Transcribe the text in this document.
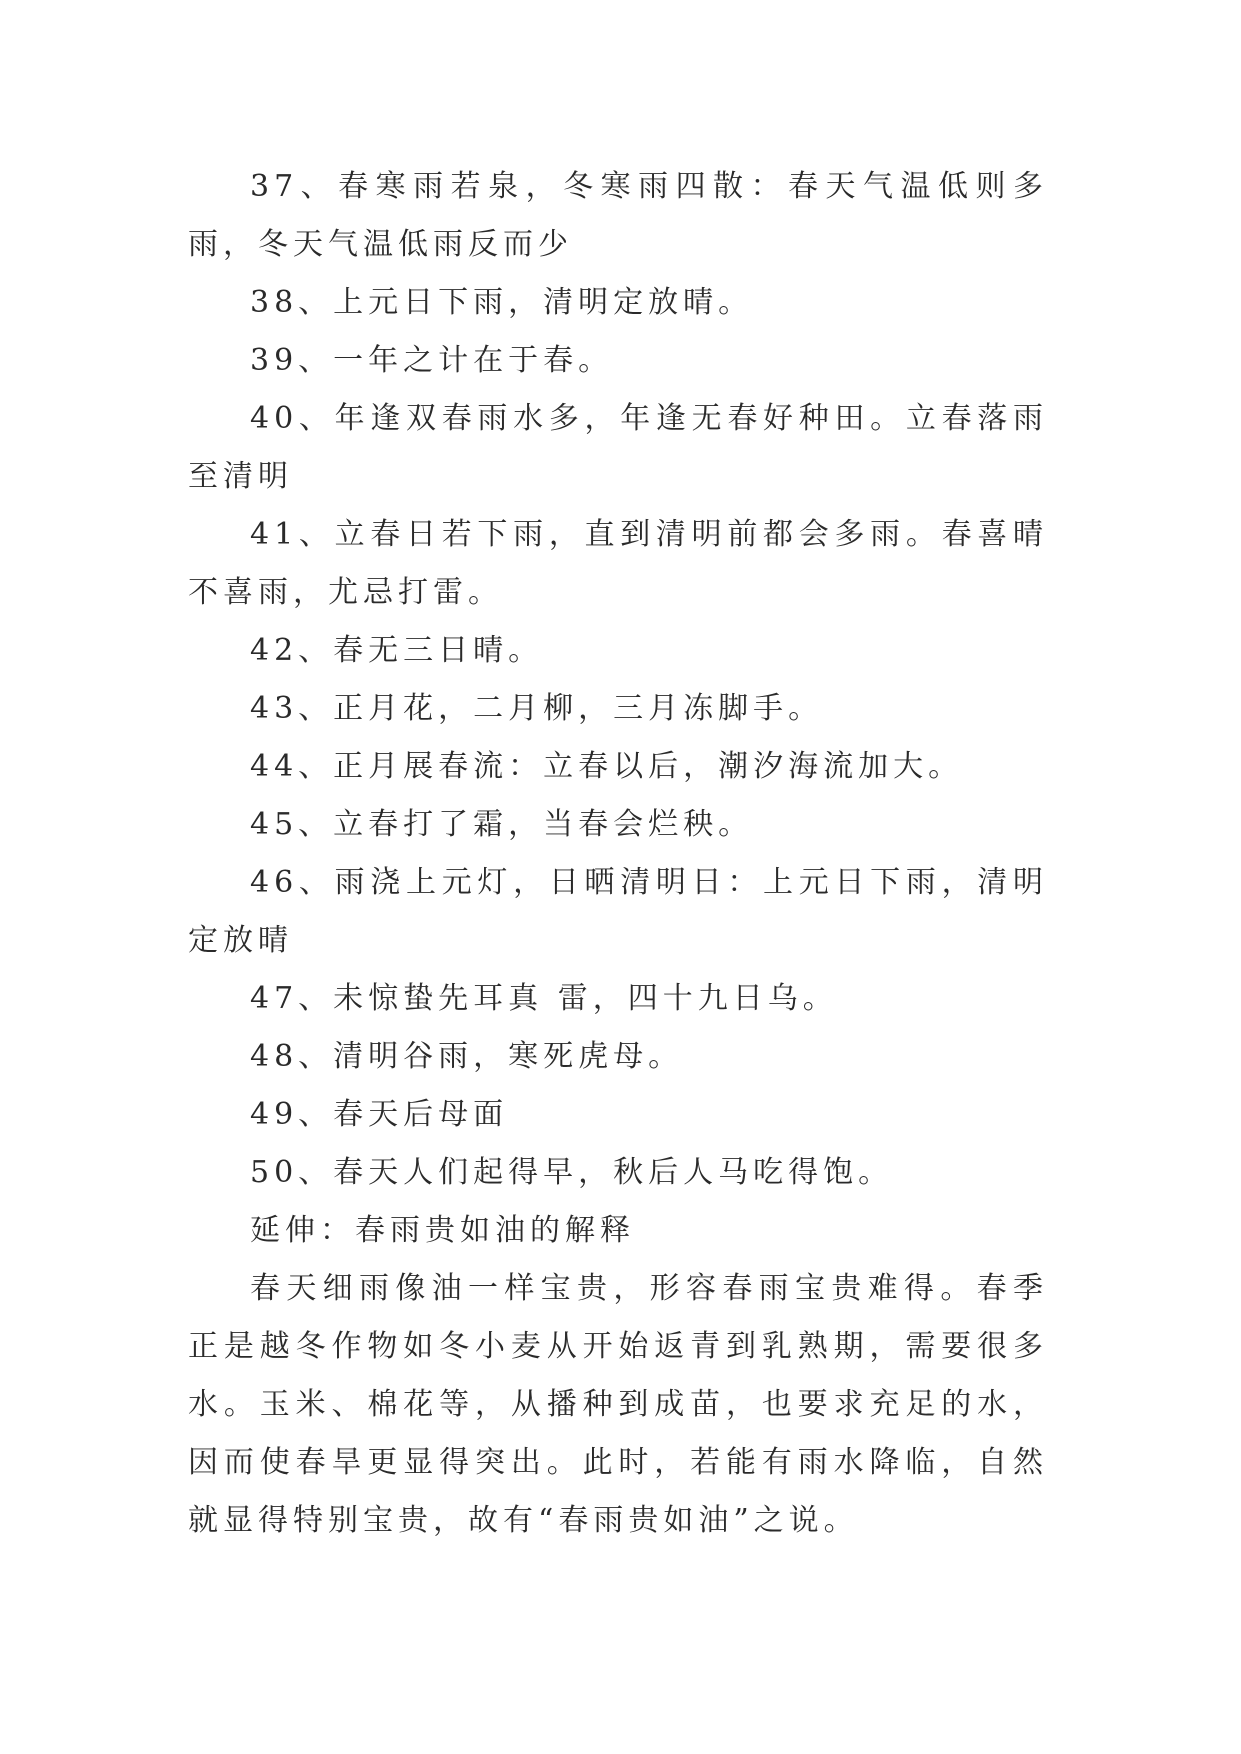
37、春寒雨若泉，冬寒雨四散：春天气温低则多雨，冬天气温低雨反而少

38、上元日下雨，清明定放晴。

39、一年之计在于春。

40、年逢双春雨水多，年逢无春好种田。立春落雨至清明

41、立春日若下雨，直到清明前都会多雨。春喜晴不喜雨，尤忌打雷。

42、春无三日晴。

43、正月花，二月柳，三月冻脚手。

44、正月展春流：立春以后，潮汐海流加大。

45、立春打了霜，当春会烂秧。

46、雨浇上元灯，日晒清明日：上元日下雨，清明定放晴

47、未惊蛰先耳真 雷，四十九日乌。

48、清明谷雨，寒死虎母。

49、春天后母面

50、春天人们起得早，秋后人马吃得饱。

延伸：春雨贵如油的解释

春天细雨像油一样宝贵，形容春雨宝贵难得。春季正是越冬作物如冬小麦从开始返青到乳熟期，需要很多水。玉米、棉花等，从播种到成苗，也要求充足的水，因而使春旱更显得突出。此时，若能有雨水降临，自然就显得特别宝贵，故有“春雨贵如油”之说。
